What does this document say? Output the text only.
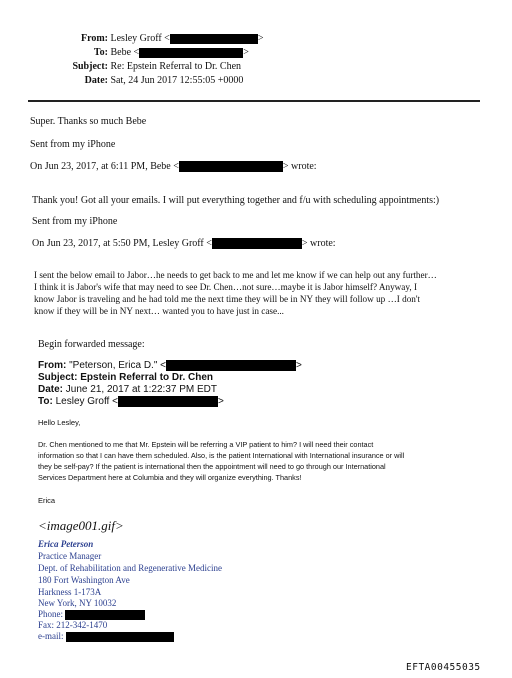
From: Lesley Groff <	>
To: Bebe <	>
Subject: Re: Epstein Referral to Dr. Chen
Date: Sat, 24 Jun 2017 12:55:05 +0000
Super. Thanks so much Bebe
Sent from my iPhone
On Jun 23, 2017, at 6:11 PM, Bebe <	> wrote:
Thank you! Got all your emails. I will put everything together and f/u with scheduling appointments:)
Sent from my iPhone
On Jun 23, 2017, at 5:50 PM, Lesley Groff <	> wrote:
I sent the below email to Jabor…he needs to get back to me and let me know if we can help out any further…
I think it is Jabor's wife that may need to see Dr. Chen…not sure…maybe it is Jabor himself? Anyway, I
know Jabor is traveling and he had told me the next time they will be in NY they will follow up …I don't
know if they will be in NY next… wanted you to have just in case...
Begin forwarded message:
From: "Peterson, Erica D." <	>
Subject: Epstein Referral to Dr. Chen
Date: June 21, 2017 at 1:22:37 PM EDT
To: Lesley Groff <	>
Hello Lesley,
Dr. Chen mentioned to me that Mr. Epstein will be referring a VIP patient to him? I will need their contact
information so that I can have them scheduled. Also, is the patient International with International insurance or will
they be self-pay? If the patient is international then the appointment will need to go through our International
Services Department here at Columbia and they will organize everything. Thanks!
Erica
<image001.gif>
Erica Peterson
Practice Manager
Dept. of Rehabilitation and Regenerative Medicine
180 Fort Washington Ave
Harkness 1-173A
New York, NY 10032
Phone:
Fax: 212-342-1470
e-mail:
EFTA00455035
